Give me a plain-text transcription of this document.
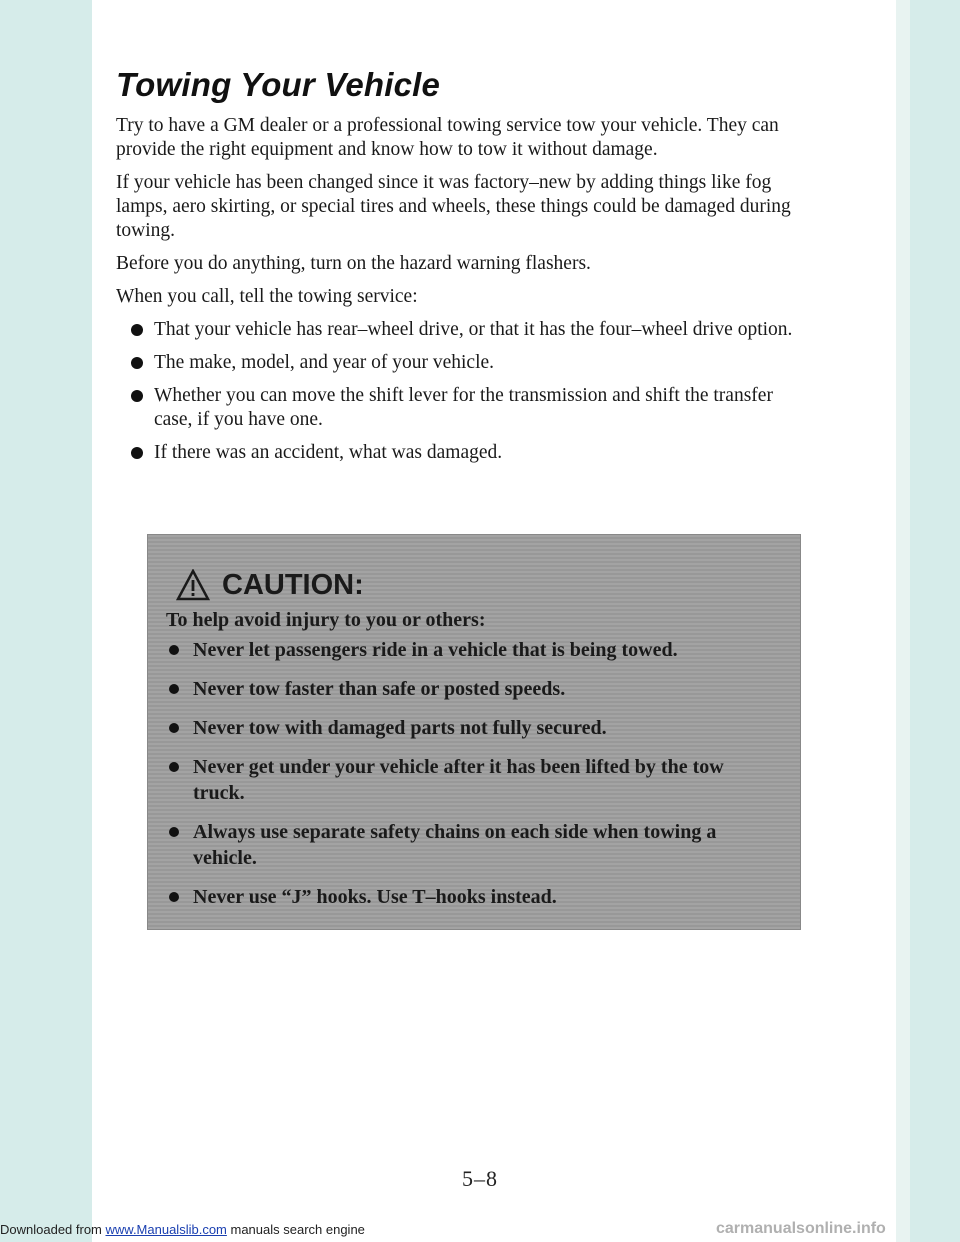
Towing Your Vehicle

Try to have a GM dealer or a professional towing service tow your vehicle. They can provide the right equipment and know how to tow it without damage.

If your vehicle has been changed since it was factory–new by adding things like fog lamps, aero skirting, or special tires and wheels, these things could be damaged during towing.

Before you do anything, turn on the hazard warning flashers.

When you call, tell the towing service:

That your vehicle has rear–wheel drive, or that it has the four–wheel drive option.
The make, model, and year of your vehicle.
Whether you can move the shift lever for the transmission and shift the transfer case, if you have one.
If there was an accident, what was damaged.
CAUTION:

To help avoid injury to you or others:

Never let passengers ride in a vehicle that is being towed.
Never tow faster than safe or posted speeds.
Never tow with damaged parts not fully secured.
Never get under your vehicle after it has been lifted by the tow truck.
Always use separate safety chains on each side when towing a vehicle.
Never use “J” hooks. Use T–hooks instead.
5–8
Downloaded from www.Manualslib.com manuals search engine	carmanualsonline.info
